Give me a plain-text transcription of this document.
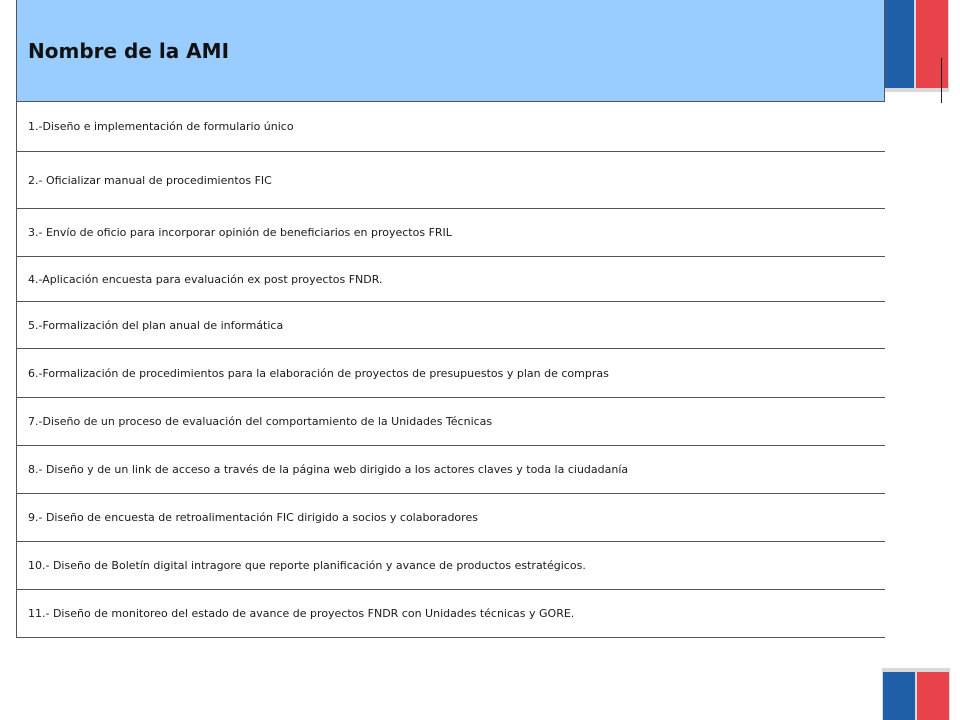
Nombre de la AMI
1.-Diseño e implementación de formulario único
2.- Oficializar manual de procedimientos FIC
3.- Envío de oficio para incorporar opinión de beneficiarios en proyectos FRIL
4.-Aplicación encuesta para evaluación ex post proyectos FNDR.
5.-Formalización del plan anual de informática
6.-Formalización de procedimientos para la elaboración de proyectos de presupuestos y plan de compras
7.-Diseño de un proceso de evaluación del comportamiento de la Unidades Técnicas
8.- Diseño y de un link de acceso a través de la página web dirigido a los actores claves y toda la ciudadanía
9.- Diseño de encuesta de retroalimentación FIC dirigido a socios y colaboradores
10.- Diseño de Boletín digital intragore que reporte planificación y avance de productos estratégicos.
11.- Diseño de monitoreo del estado de avance de proyectos FNDR con Unidades técnicas y GORE.
